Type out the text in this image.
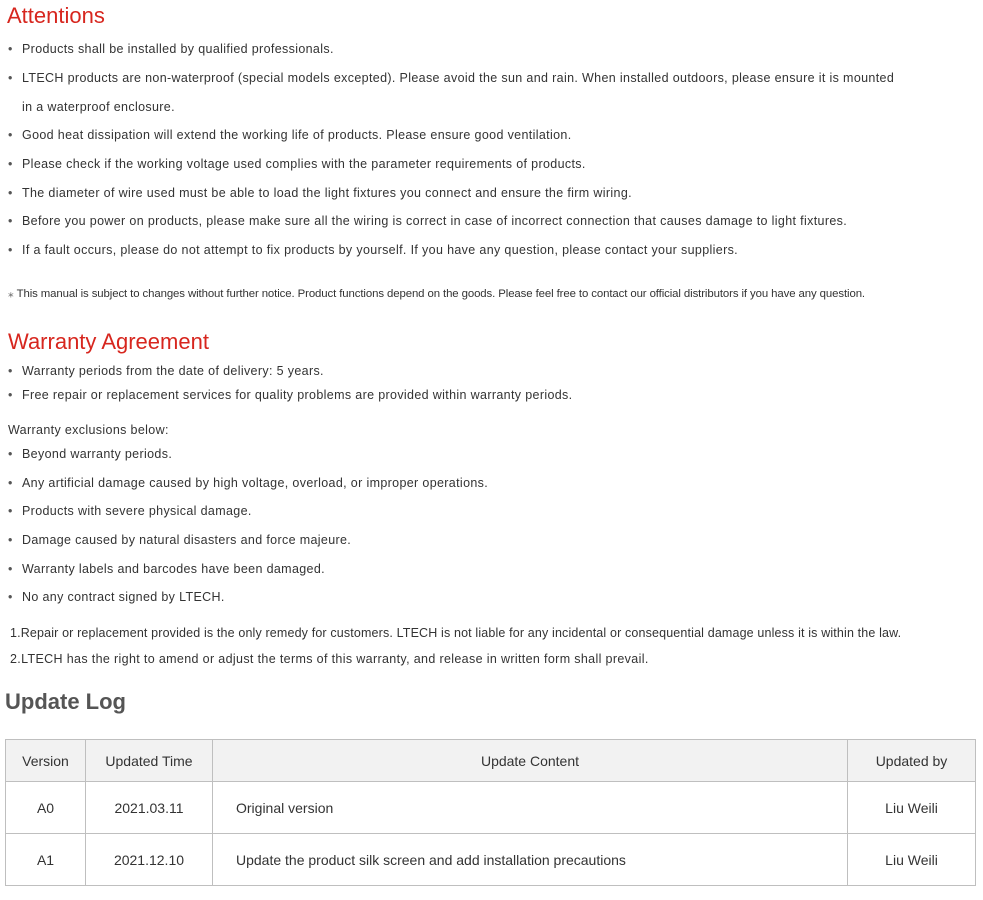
Attentions

• Products shall be installed by qualified professionals.

• LTECH products are non-waterproof (special models excepted). Please avoid the sun and rain. When installed outdoors, please ensure it is mounted

in a waterproof enclosure.

• Good heat dissipation will extend the working life of products. Please ensure good ventilation.

• Please check if the working voltage used complies with the parameter requirements of products.

• The diameter of wire used must be able to load the light fixtures you connect and ensure the firm wiring.

• Before you power on products, please make sure all the wiring is correct in case of incorrect connection that causes damage to light fixtures.

• If a fault occurs, please do not attempt to fix products by yourself. If you have any question, please contact your suppliers.

⁎ This manual is subject to changes without further notice. Product functions depend on the goods. Please feel free to contact our official distributors if you have any question.

Warranty Agreement

• Warranty periods from the date of delivery: 5 years.

• Free repair or replacement services for quality problems are provided within warranty periods.

Warranty exclusions below:

• Beyond warranty periods.

• Any artificial damage caused by high voltage, overload, or improper operations.

• Products with severe physical damage.

• Damage caused by natural disasters and force majeure.

• Warranty labels and barcodes have been damaged.

• No any contract signed by LTECH.

1.Repair or replacement provided is the only remedy for customers. LTECH is not liable for any incidental or consequential damage unless it is within the law.

2.LTECH has the right to amend or adjust the terms of this warranty, and release in written form shall prevail.

Update Log
Version	Updated Time	Update Content	Updated by
A0	2021.03.11	Original version	Liu Weili
A1	2021.12.10	Update the product silk screen and add installation precautions	Liu Weili
